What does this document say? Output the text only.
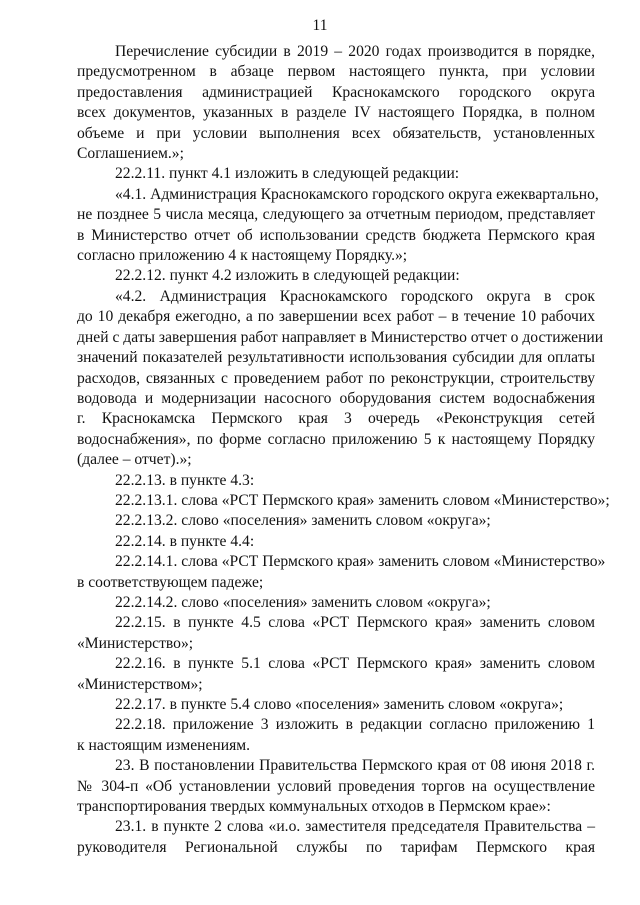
11

Перечисление субсидии в 2019 – 2020 годах производится в порядке,
предусмотренном в абзаце первом настоящего пункта, при условии
предоставления администрацией Краснокамского городского округа
всех документов, указанных в разделе IV настоящего Порядка, в полном
объеме и при условии выполнения всех обязательств, установленных
Соглашением.»;

22.2.11. пункт 4.1 изложить в следующей редакции:

«4.1. Администрация Краснокамского городского округа ежеквартально,
не позднее 5 числа месяца, следующего за отчетным периодом, представляет
в Министерство отчет об использовании средств бюджета Пермского края
согласно приложению 4 к настоящему Порядку.»;

22.2.12. пункт 4.2 изложить в следующей редакции:

«4.2. Администрация Краснокамского городского округа в срок
до 10 декабря ежегодно, а по завершении всех работ – в течение 10 рабочих
дней с даты завершения работ направляет в Министерство отчет о достижении
значений показателей результативности использования субсидии для оплаты
расходов, связанных с проведением работ по реконструкции, строительству
водовода и модернизации насосного оборудования систем водоснабжения
г. Краснокамска Пермского края 3 очередь «Реконструкция сетей
водоснабжения», по форме согласно приложению 5 к настоящему Порядку
(далее – отчет).»;

22.2.13. в пункте 4.3:

22.2.13.1. слова «РСТ Пермского края» заменить словом «Министерство»;

22.2.13.2. слово «поселения» заменить словом «округа»;

22.2.14. в пункте 4.4:

22.2.14.1. слова «РСТ Пермского края» заменить словом «Министерство»
в соответствующем падеже;

22.2.14.2. слово «поселения» заменить словом «округа»;

22.2.15. в пункте 4.5 слова «РСТ Пермского края» заменить словом
«Министерство»;

22.2.16. в пункте 5.1 слова «РСТ Пермского края» заменить словом
«Министерством»;

22.2.17. в пункте 5.4 слово «поселения» заменить словом «округа»;

22.2.18. приложение 3 изложить в редакции согласно приложению 1
к настоящим изменениям.

23. В постановлении Правительства Пермского края от 08 июня 2018 г.
№ 304-п «Об установлении условий проведения торгов на осуществление
транспортирования твердых коммунальных отходов в Пермском крае»:

23.1. в пункте 2 слова «и.о. заместителя председателя Правительства –
руководителя Региональной службы по тарифам Пермского края
